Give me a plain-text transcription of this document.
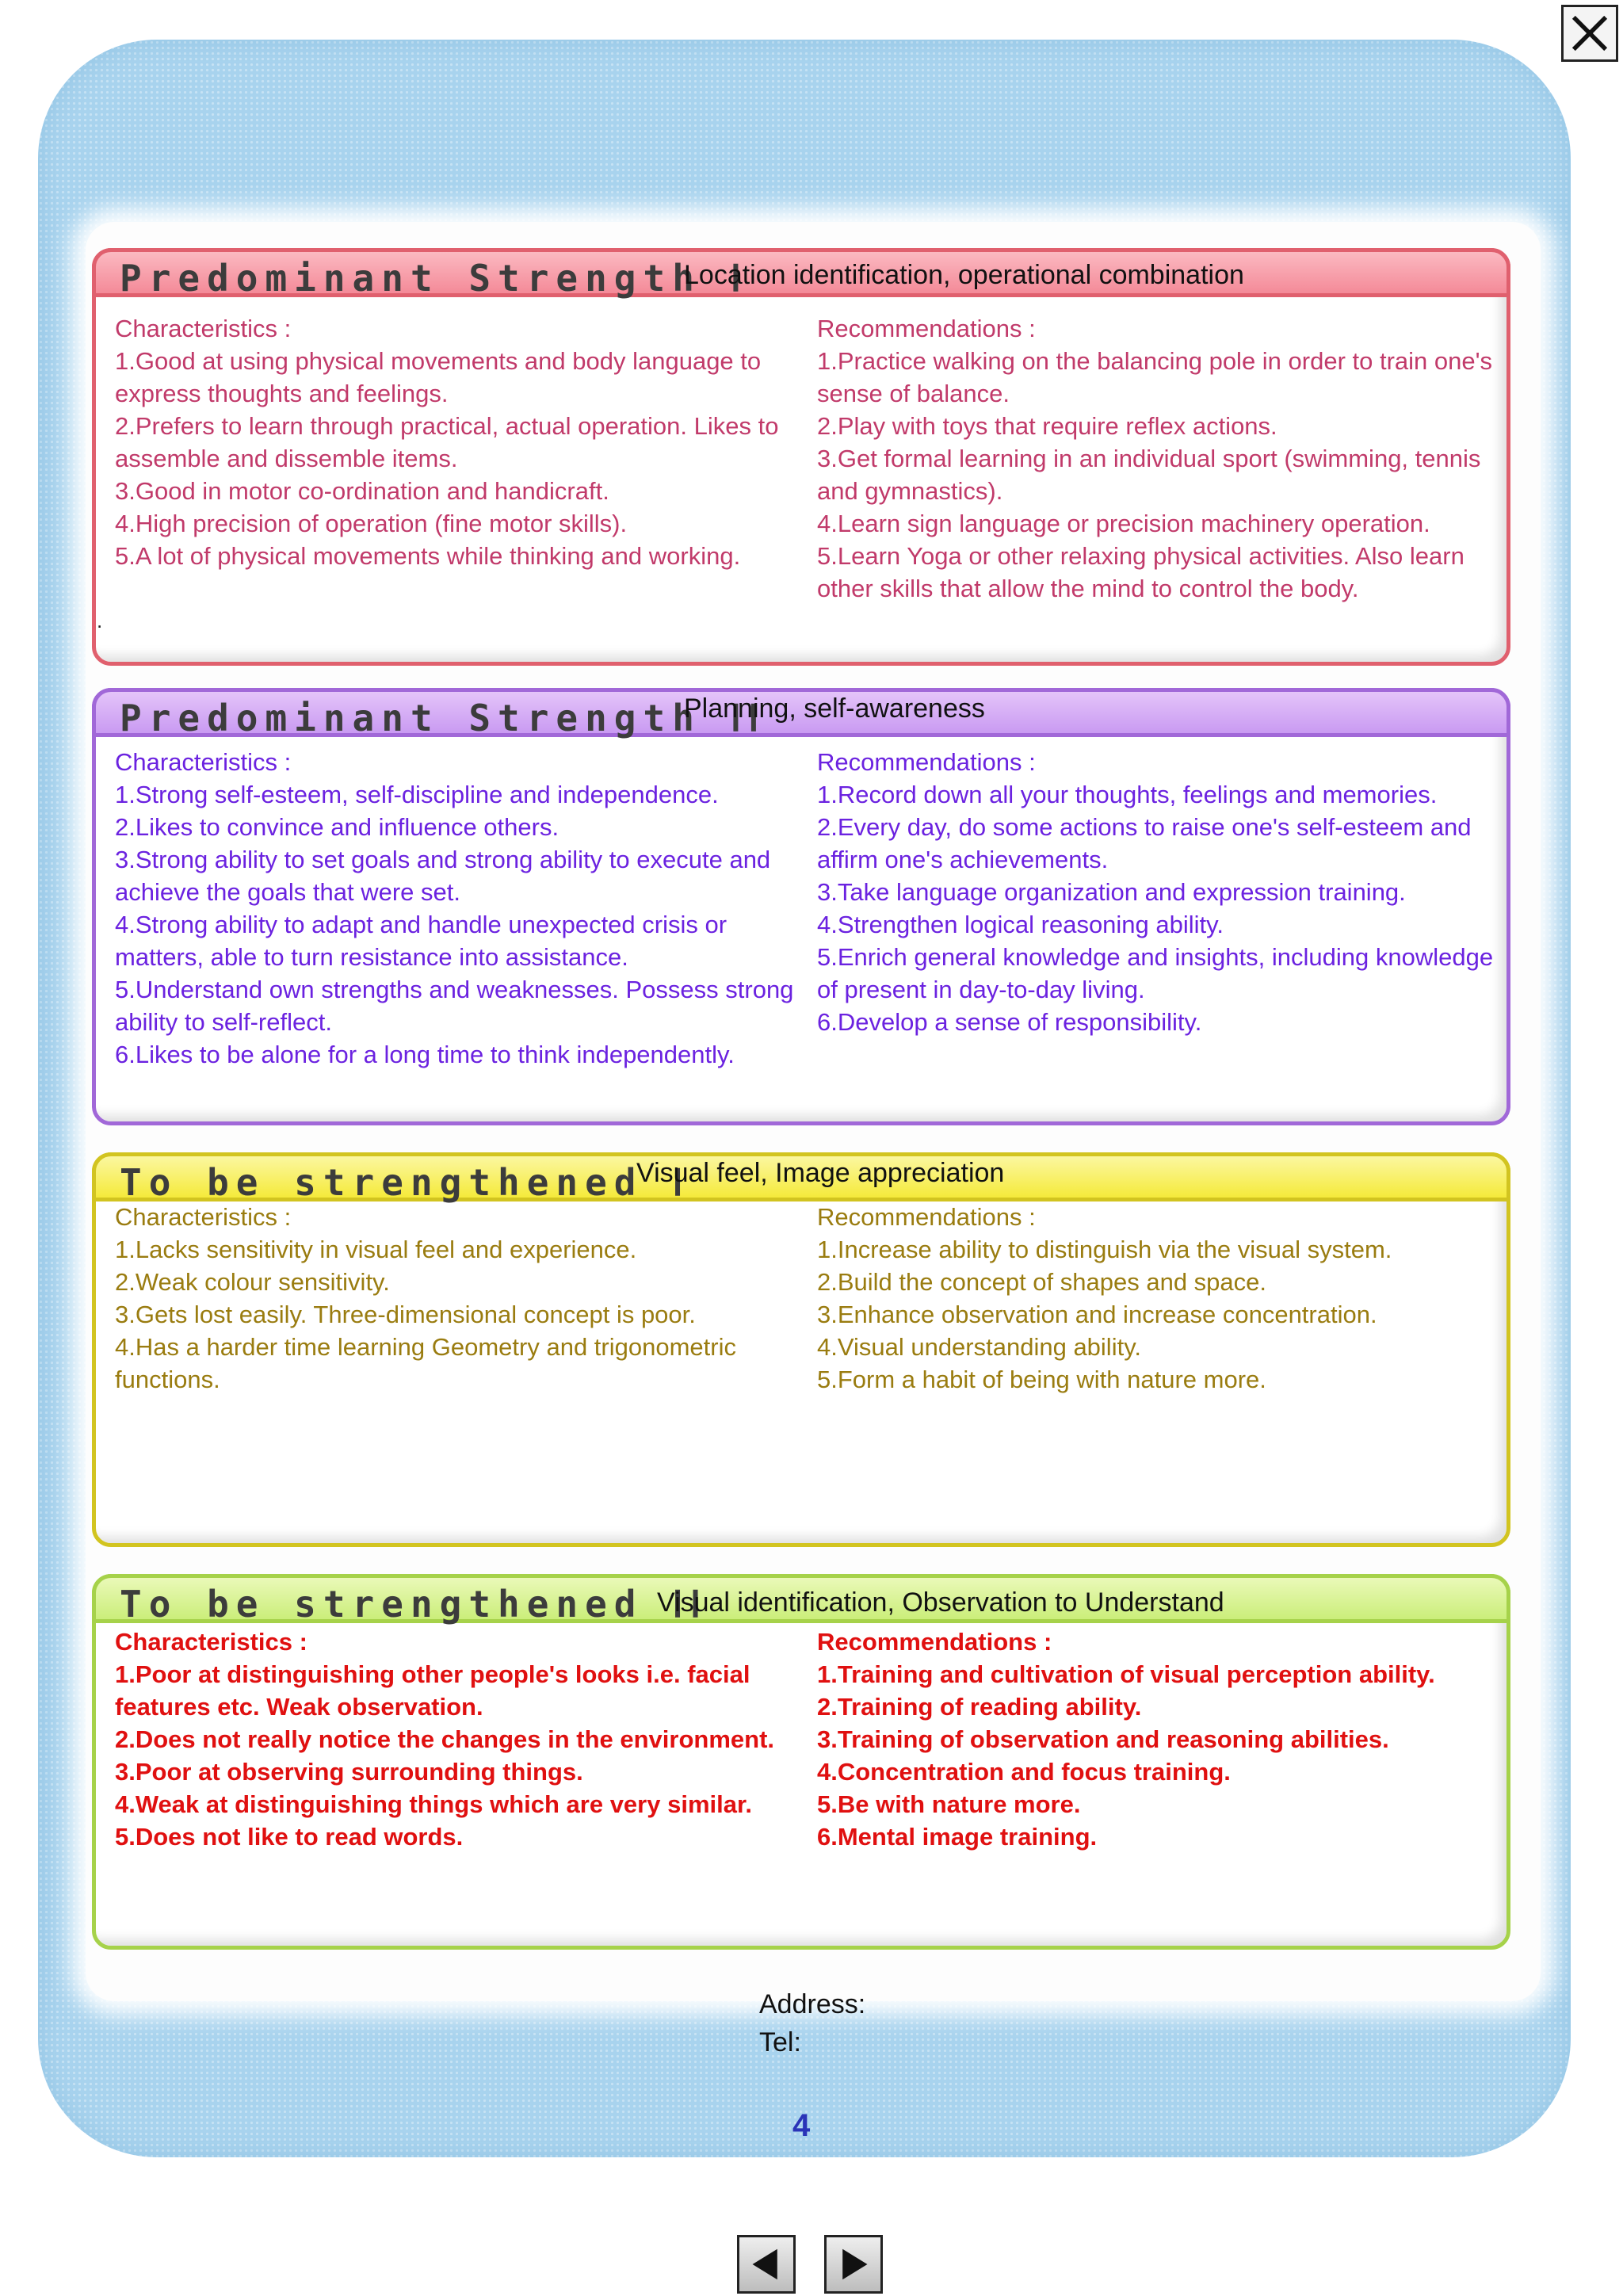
Predominant Strength Ⅰ
Location identification, operational combination
Characteristics :
1.Good at using physical movements and body language to express thoughts and feelings.
2.Prefers to learn through practical, actual operation. Likes to assemble and dissemble items.
3.Good in motor co-ordination and handicraft.
4.High precision of operation (fine motor skills).
5.A lot of physical movements while thinking and working.
Recommendations :
1.Practice walking on the balancing pole in order to train one's sense of balance.
2.Play with toys that require reflex actions.
3.Get formal learning in an individual sport (swimming, tennis and gymnastics).
4.Learn sign language or precision machinery operation.
5.Learn Yoga or other relaxing physical activities. Also learn other skills that allow the mind to control the body.
.
Predominant Strength ⅠⅠ
Planning, self-awareness
Characteristics :
1.Strong self-esteem, self-discipline and independence.
2.Likes to convince and influence others.
3.Strong ability to set goals and strong ability to execute and achieve the goals that were set.
4.Strong ability to adapt and handle unexpected crisis or matters, able to turn resistance into assistance.
5.Understand own strengths and weaknesses. Possess strong ability to self-reflect.
6.Likes to be alone for a long time to think independently.
Recommendations :
1.Record down all your thoughts, feelings and memories.
2.Every day, do some actions to raise one's self-esteem and affirm one's achievements.
3.Take language organization and expression training.
4.Strengthen logical reasoning ability.
5.Enrich general knowledge and insights, including knowledge of present in day-to-day living.
6.Develop a sense of responsibility.
To be strengthened Ⅰ
Visual feel, Image appreciation
Characteristics :
1.Lacks sensitivity in visual feel and experience.
2.Weak colour sensitivity.
3.Gets lost easily. Three-dimensional concept is poor.
4.Has a harder time learning Geometry and trigonometric functions.
Recommendations :
1.Increase ability to distinguish via the visual system.
2.Build the concept of shapes and space.
3.Enhance observation and increase concentration.
4.Visual understanding ability.
5.Form a habit of being with nature more.
To be strengthened ⅠⅠ
Visual identification, Observation to Understand
Characteristics :
1.Poor at distinguishing other people's looks i.e. facial features etc. Weak observation.
2.Does not really notice the changes in the environment.
3.Poor at observing surrounding things.
4.Weak at distinguishing things which are very similar.
5.Does not like to read words.
Recommendations :
1.Training and cultivation of visual perception ability.
2.Training of reading ability.
3.Training of observation and reasoning abilities.
4.Concentration and focus training.
5.Be with nature more.
6.Mental image training.
Address:
Tel:
4
